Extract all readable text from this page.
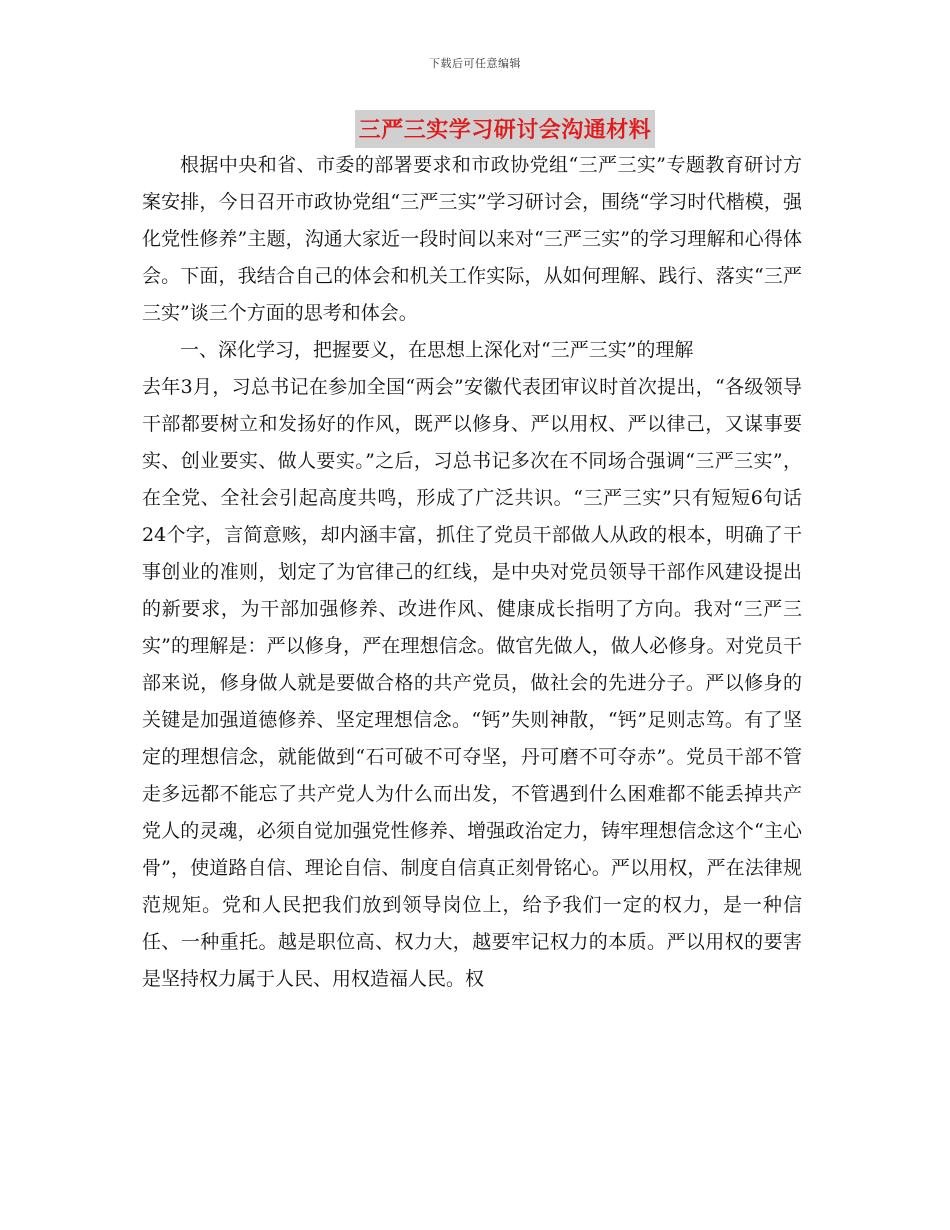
下载后可任意编辑
三严三实学习研讨会沟通材料

根据中央和省、市委的部署要求和市政协党组“三严三实”专题教育研讨方案安排，今日召开市政协党组“三严三实”学习研讨会，围绕“学习时代楷模，强化党性修养”主题，沟通大家近一段时间以来对“三严三实”的学习理解和心得体会。下面，我结合自己的体会和机关工作实际，从如何理解、践行、落实“三严三实”谈三个方面的思考和体会。

一、深化学习，把握要义，在思想上深化对“三严三实”的理解

去年3月，习总书记在参加全国“两会”安徽代表团审议时首次提出，“各级领导干部都要树立和发扬好的作风，既严以修身、严以用权、严以律己，又谋事要实、创业要实、做人要实。”之后，习总书记多次在不同场合强调“三严三实”，在全党、全社会引起高度共鸣，形成了广泛共识。“三严三实”只有短短6句话24个字，言简意赅，却内涵丰富，抓住了党员干部做人从政的根本，明确了干事创业的准则，划定了为官律己的红线，是中央对党员领导干部作风建设提出的新要求，为干部加强修养、改进作风、健康成长指明了方向。我对“三严三实”的理解是：严以修身，严在理想信念。做官先做人，做人必修身。对党员干部来说，修身做人就是要做合格的共产党员，做社会的先进分子。严以修身的关键是加强道德修养、坚定理想信念。“钙”失则神散，“钙”足则志笃。有了坚定的理想信念，就能做到“石可破不可夺坚，丹可磨不可夺赤”。党员干部不管走多远都不能忘了共产党人为什么而出发，不管遇到什么困难都不能丢掉共产党人的灵魂，必须自觉加强党性修养、增强政治定力，铸牢理想信念这个“主心骨”，使道路自信、理论自信、制度自信真正刻骨铭心。严以用权，严在法律规范规矩。党和人民把我们放到领导岗位上，给予我们一定的权力，是一种信任、一种重托。越是职位高、权力大，越要牢记权力的本质。严以用权的要害是坚持权力属于人民、用权造福人民。权
